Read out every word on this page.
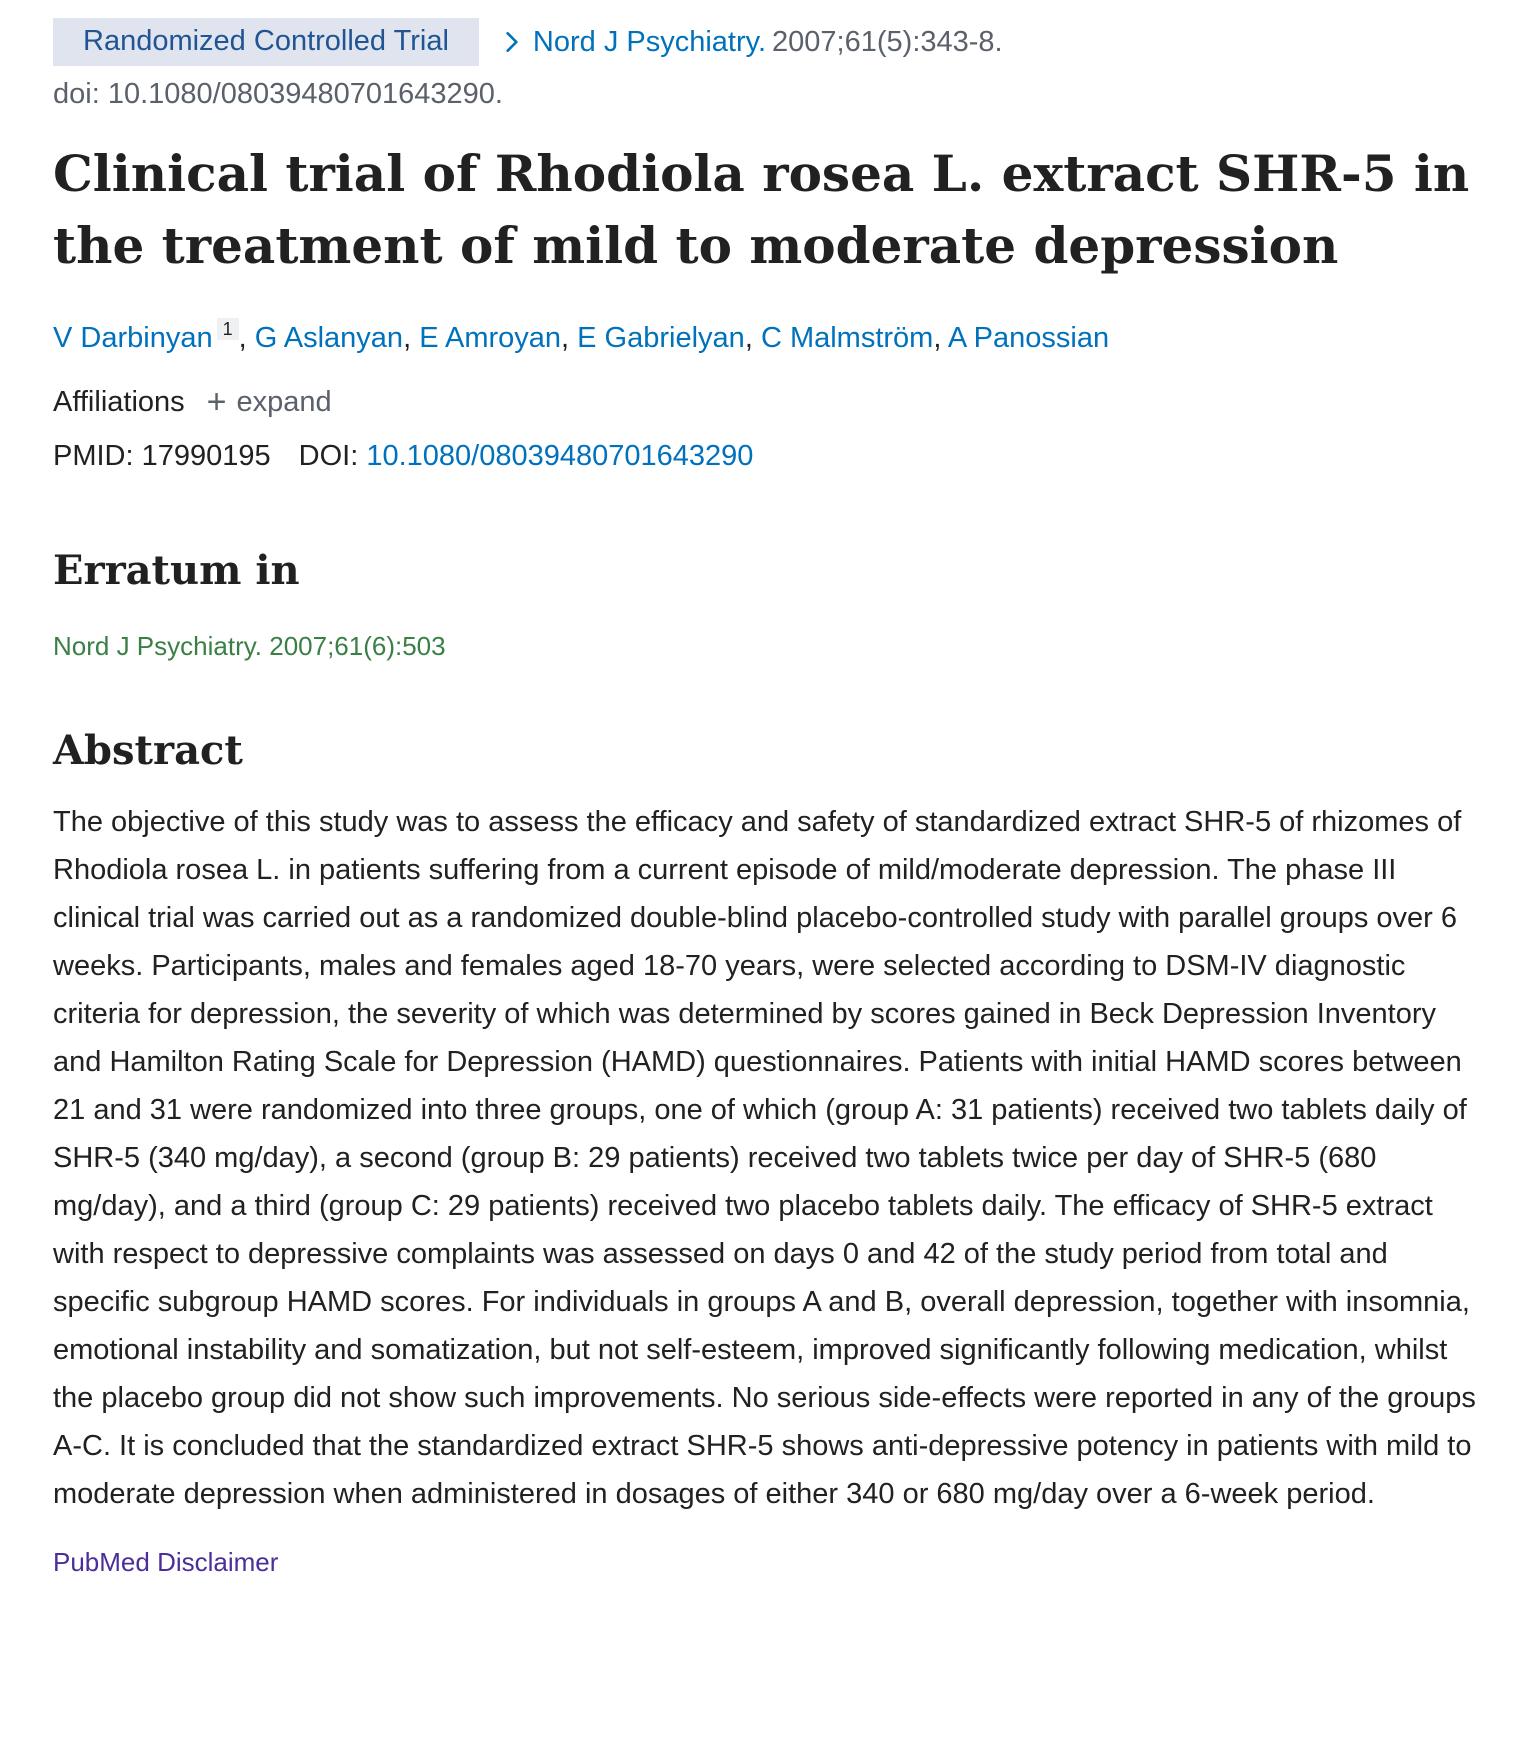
Randomized Controlled Trial	Nord J Psychiatry. 2007;61(5):343-8.
doi: 10.1080/08039480701643290.
Clinical trial of Rhodiola rosea L. extract SHR-5 in the treatment of mild to moderate depression
V Darbinyan 1 , G Aslanyan, E Amroyan, E Gabrielyan, C Malmström, A Panossian
Affiliations + expand
PMID: 17990195 DOI: 10.1080/08039480701643290
Erratum in
Nord J Psychiatry. 2007;61(6):503
Abstract
The objective of this study was to assess the efficacy and safety of standardized extract SHR-5 of rhizomes of Rhodiola rosea L. in patients suffering from a current episode of mild/moderate depression. The phase III clinical trial was carried out as a randomized double-blind placebo-controlled study with parallel groups over 6 weeks. Participants, males and females aged 18-70 years, were selected according to DSM-IV diagnostic criteria for depression, the severity of which was determined by scores gained in Beck Depression Inventory and Hamilton Rating Scale for Depression (HAMD) questionnaires. Patients with initial HAMD scores between 21 and 31 were randomized into three groups, one of which (group A: 31 patients) received two tablets daily of SHR-5 (340 mg/day), a second (group B: 29 patients) received two tablets twice per day of SHR-5 (680 mg/day), and a third (group C: 29 patients) received two placebo tablets daily. The efficacy of SHR-5 extract with respect to depressive complaints was assessed on days 0 and 42 of the study period from total and specific subgroup HAMD scores. For individuals in groups A and B, overall depression, together with insomnia, emotional instability and somatization, but not self-esteem, improved significantly following medication, whilst the placebo group did not show such improvements. No serious side-effects were reported in any of the groups A-C. It is concluded that the standardized extract SHR-5 shows anti-depressive potency in patients with mild to moderate depression when administered in dosages of either 340 or 680 mg/day over a 6-week period.
PubMed Disclaimer
